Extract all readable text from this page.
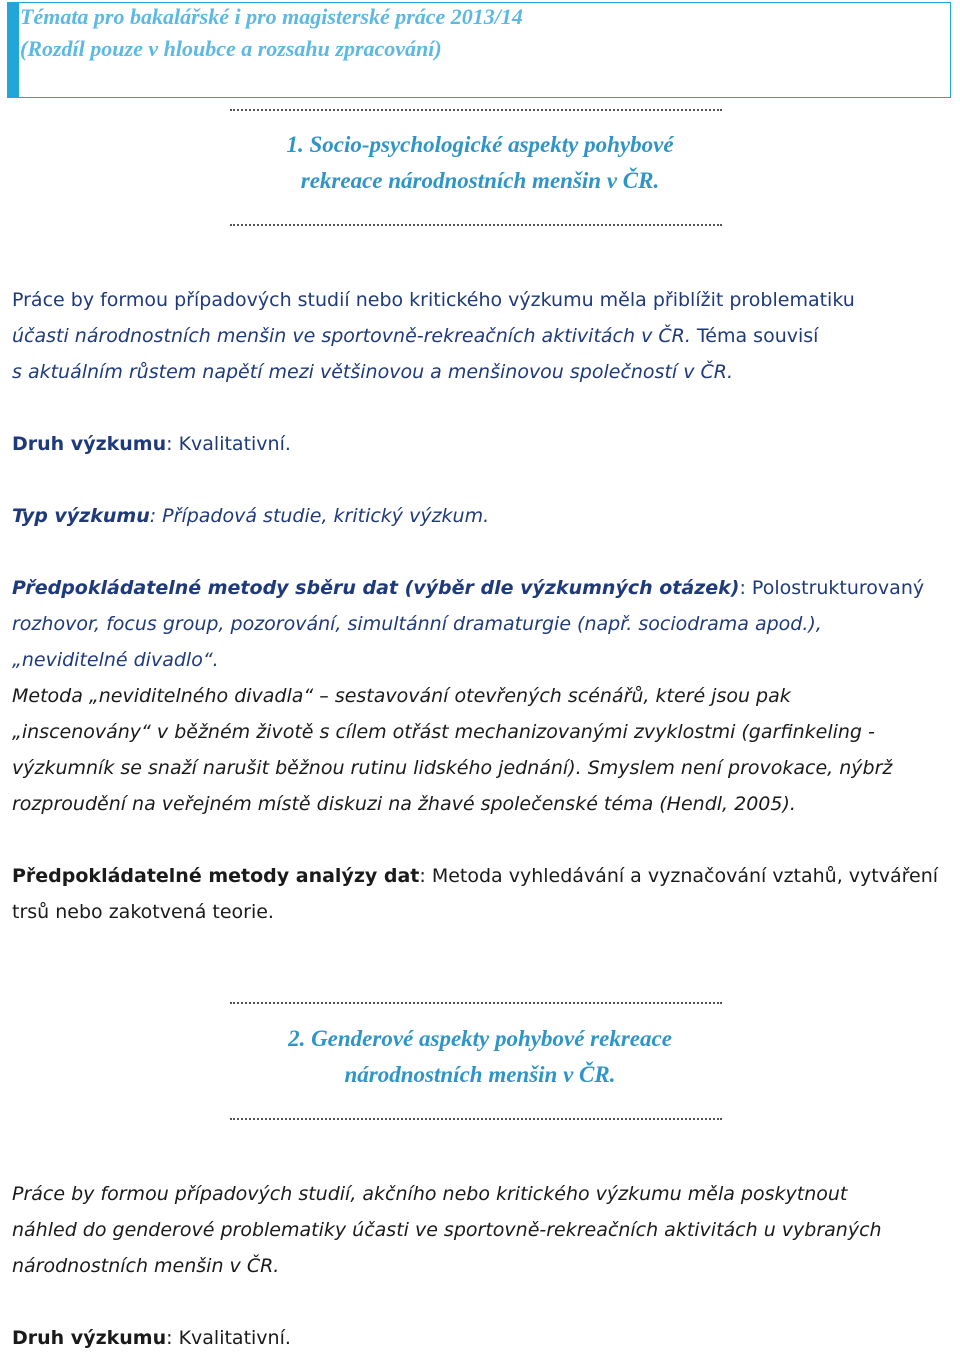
Témata pro bakalářské i pro magisterské práce 2013/14
(Rozdíl pouze v hloubce a rozsahu zpracování)
1. Socio-psychologické aspekty pohybové
rekreace národnostních menšin v ČR.
Práce by formou případových studií nebo kritického výzkumu měla přiblížit problematiku
účasti národnostních menšin ve sportovně-rekreačních aktivitách v ČR. Téma souvisí
s aktuálním růstem napětí mezi většinovou a menšinovou společností v ČR.
Druh výzkumu: Kvalitativní.
Typ výzkumu: Případová studie, kritický výzkum.
Předpokládatelné metody sběru dat (výběr dle výzkumných otázek): Polostrukturovaný
rozhovor, focus group, pozorování, simultánní dramaturgie (např. sociodrama apod.),
„neviditelné divadlo“.
Metoda „neviditelného divadla“ – sestavování otevřených scénářů, které jsou pak
„inscenovány“ v běžném životě s cílem otřást mechanizovanými zvyklostmi (garfinkeling -
výzkumník se snaží narušit běžnou rutinu lidského jednání). Smyslem není provokace, nýbrž
rozproudění na veřejném místě diskuzi na žhavé společenské téma (Hendl, 2005).
Předpokládatelné metody analýzy dat: Metoda vyhledávání a vyznačování vztahů, vytváření
trsů nebo zakotvená teorie.
2. Genderové aspekty pohybové rekreace
národnostních menšin v ČR.
Práce by formou případových studií, akčního nebo kritického výzkumu měla poskytnout
náhled do genderové problematiky účasti ve sportovně-rekreačních aktivitách u vybraných
národnostních menšin v ČR.
Druh výzkumu: Kvalitativní.
